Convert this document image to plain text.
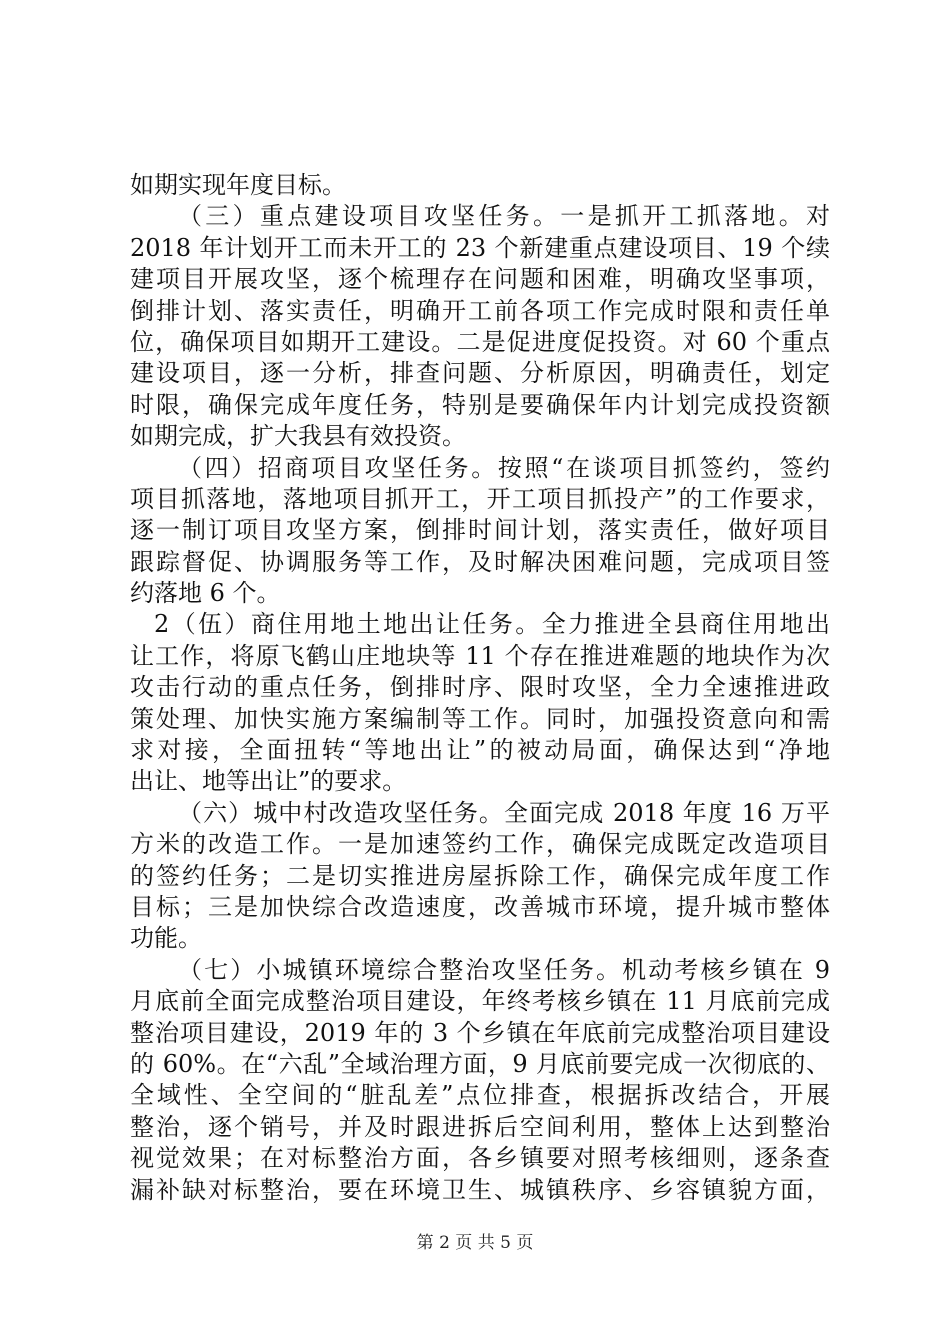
如期实现年度目标。
（三）重点建设项目攻坚任务。一是抓开工抓落地。对
2018 年计划开工而未开工的 23 个新建重点建设项目、19 个续
建项目开展攻坚，逐个梳理存在问题和困难，明确攻坚事项，
倒排计划、落实责任，明确开工前各项工作完成时限和责任单
位，确保项目如期开工建设。二是促进度促投资。对 60 个重点
建设项目，逐一分析，排查问题、分析原因，明确责任，划定
时限，确保完成年度任务，特别是要确保年内计划完成投资额
如期完成，扩大我县有效投资。
（四）招商项目攻坚任务。按照“在谈项目抓签约，签约
项目抓落地，落地项目抓开工，开工项目抓投产”的工作要求，
逐一制订项目攻坚方案，倒排时间计划，落实责任，做好项目
跟踪督促、协调服务等工作，及时解决困难问题，完成项目签
约落地 6 个。
2（伍）商住用地土地出让任务。全力推进全县商住用地出
让工作，将原飞鹤山庄地块等 11 个存在推进难题的地块作为次
攻击行动的重点任务，倒排时序、限时攻坚，全力全速推进政
策处理、加快实施方案编制等工作。同时，加强投资意向和需
求对接，全面扭转“等地出让”的被动局面，确保达到“净地
出让、地等出让”的要求。
（六）城中村改造攻坚任务。全面完成 2018 年度 16 万平
方米的改造工作。一是加速签约工作，确保完成既定改造项目
的签约任务；二是切实推进房屋拆除工作，确保完成年度工作
目标；三是加快综合改造速度，改善城市环境，提升城市整体
功能。
（七）小城镇环境综合整治攻坚任务。机动考核乡镇在 9
月底前全面完成整治项目建设，年终考核乡镇在 11 月底前完成
整治项目建设，2019 年的 3 个乡镇在年底前完成整治项目建设
的 60%。在“六乱”全域治理方面，9 月底前要完成一次彻底的、
全域性、全空间的“脏乱差”点位排查，根据拆改结合，开展
整治，逐个销号，并及时跟进拆后空间利用，整体上达到整治
视觉效果；在对标整治方面，各乡镇要对照考核细则，逐条查
漏补缺对标整治，要在环境卫生、城镇秩序、乡容镇貌方面，
第 2 页 共 5 页
